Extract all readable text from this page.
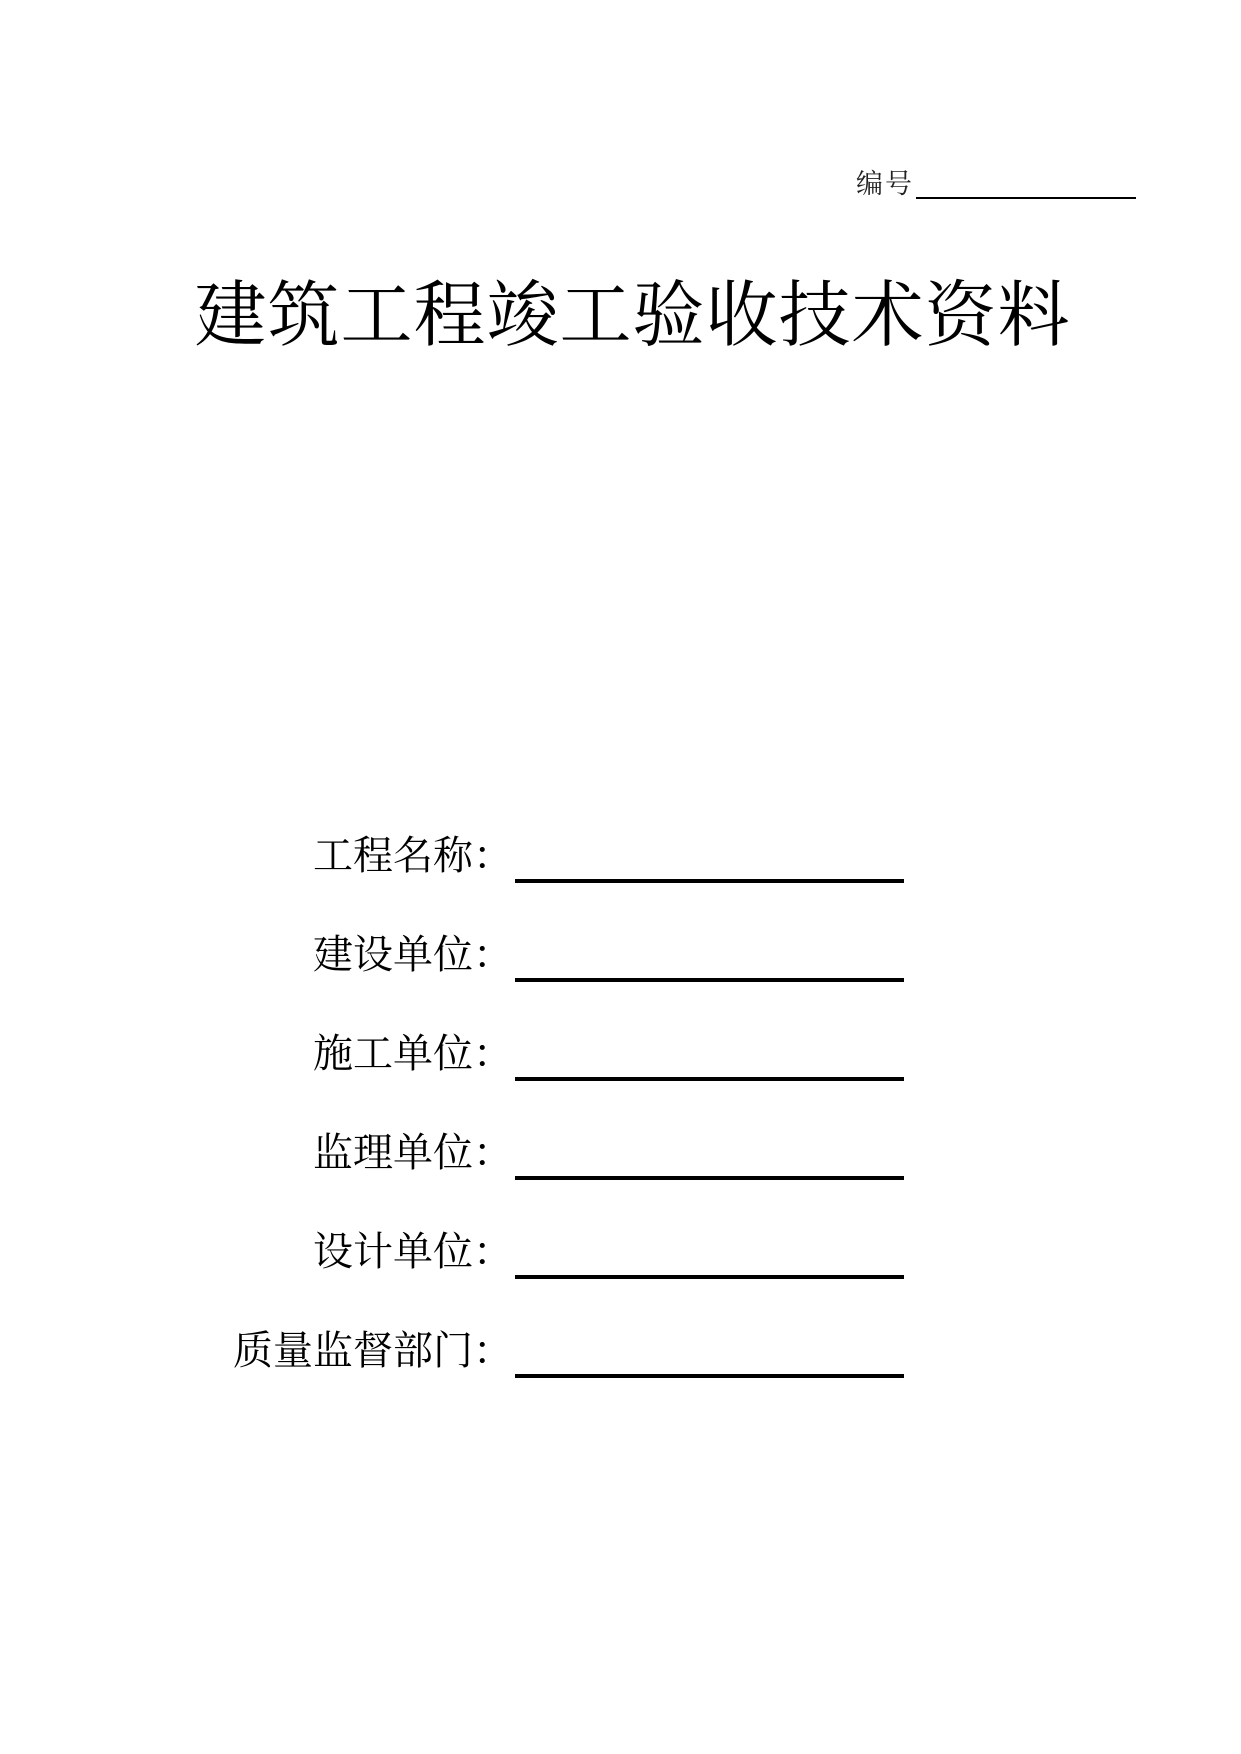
编号
建筑工程竣工验收技术资料
工程名称：
建设单位：
施工单位：
监理单位：
设计单位：
质量监督部门：
